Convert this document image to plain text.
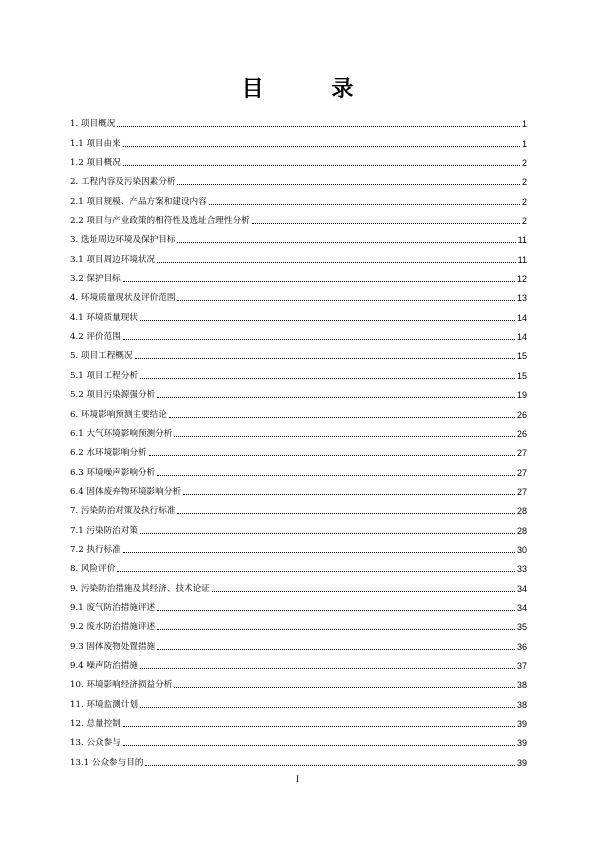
目 录
1. 项目概况	1
1.1 项目由来	1
1.2 项目概况	2
2. 工程内容及污染因素分析	2
2.1 项目规模、产品方案和建设内容	2
2.2 项目与产业政策的相符性及选址合理性分析	2
3. 选址周边环境及保护目标	11
3.1 项目周边环境状况	11
3.2 保护目标	12
4. 环境质量现状及评价范围	13
4.1 环境质量现状	14
4.2 评价范围	14
5. 项目工程概况	15
5.1 项目工程分析	15
5.2 项目污染源强分析	19
6. 环境影响预测主要结论	26
6.1 大气环境影响预测分析	26
6.2 水环境影响分析	27
6.3 环境噪声影响分析	27
6.4 固体废弃物环境影响分析	27
7. 污染防治对策及执行标准	28
7.1 污染防治对策	28
7.2 执行标准	30
8. 风险评价	33
9. 污染防治措施及其经济、技术论证	34
9.1 废气防治措施评述	34
9.2 废水防治措施评述	35
9.3 固体废物处置措施	36
9.4 噪声防治措施	37
10. 环境影响经济损益分析	38
11. 环境监测计划	38
12. 总量控制	39
13. 公众参与	39
13.1 公众参与目的	39
I
